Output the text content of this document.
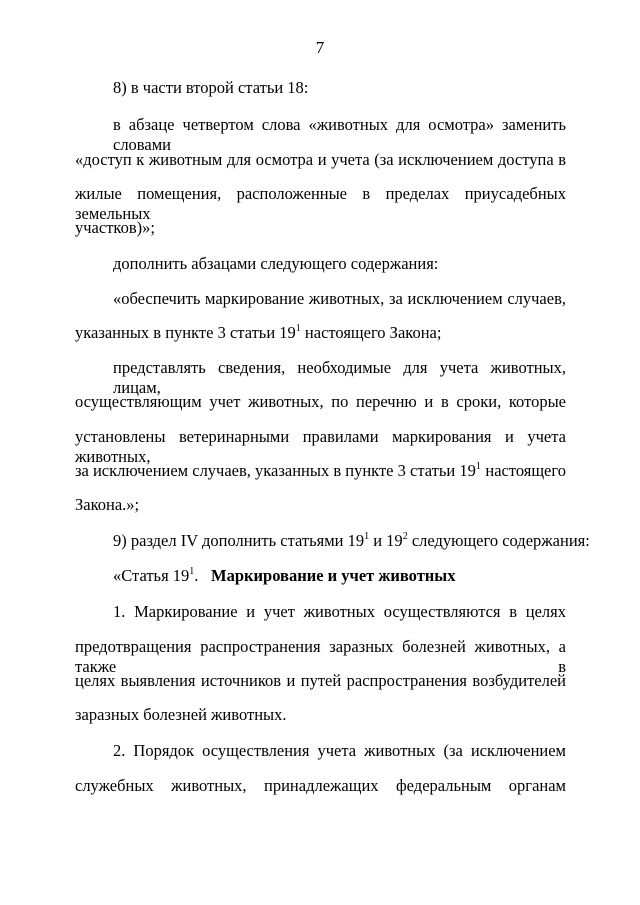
7
8) в части второй статьи 18:
в абзаце четвертом слова «животных для осмотра» заменить словами
«доступ к животным для осмотра и учета (за исключением доступа в
жилые помещения, расположенные в пределах приусадебных земельных
участков)»;
дополнить абзацами следующего содержания:
«обеспечить маркирование животных, за исключением случаев,
указанных в пункте 3 статьи $19^1$ настоящего Закона;
представлять сведения, необходимые для учета животных, лицам,
осуществляющим учет животных, по перечню и в сроки, которые
установлены ветеринарными правилами маркирования и учета животных,
за исключением случаев, указанных в пункте 3 статьи $19^1$ настоящего
Закона.»;
9) раздел IV дополнить статьями $19^1$ и $19^2$ следующего содержания:
«Статья $19^1$. Маркирование и учет животных
1. Маркирование и учет животных осуществляются в целях
предотвращения распространения заразных болезней животных, а также в
целях выявления источников и путей распространения возбудителей
заразных болезней животных.
2. Порядок осуществления учета животных (за исключением
служебных животных, принадлежащих федеральным органам
